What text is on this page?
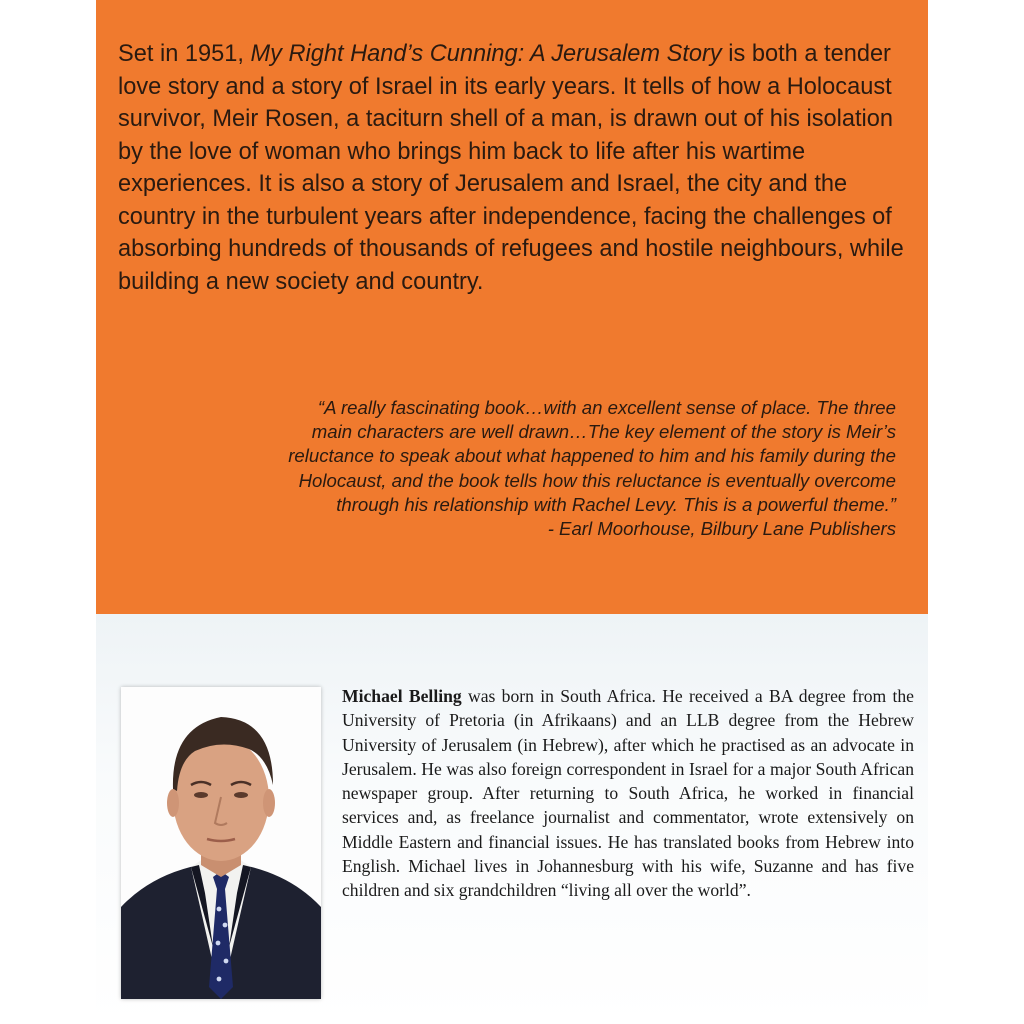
Set in 1951, My Right Hand’s Cunning: A Jerusalem Story is both a tender love story and a story of Israel in its early years. It tells of how a Holocaust survivor, Meir Rosen, a taciturn shell of a man, is drawn out of his isolation by the love of woman who brings him back to life after his wartime experiences. It is also a story of Jerusalem and Israel, the city and the country in the turbulent years after independence, facing the challenges of absorbing hundreds of thousands of refugees and hostile neighbours, while building a new society and country.

“A really fascinating book…with an excellent sense of place. The three
main characters are well drawn…The key element of the story is Meir’s
reluctance to speak about what happened to him and his family during the
Holocaust, and the book tells how this reluctance is eventually overcome
through his relationship with Rachel Levy. This is a powerful theme.”
- Earl Moorhouse, Bilbury Lane Publishers

Michael Belling was born in South Africa. He received a BA degree from the University of Pretoria (in Afrikaans) and an LLB degree from the Hebrew University of Jerusalem (in Hebrew), after which he practised as an advocate in Jerusalem. He was also foreign correspondent in Israel for a major South African newspaper group. After returning to South Africa, he worked in financial services and, as freelance journalist and commentator, wrote extensively on Middle Eastern and financial issues. He has translated books from Hebrew into English. Michael lives in Johannesburg with his wife, Suzanne and has five children and six grandchildren “living all over the world”.
